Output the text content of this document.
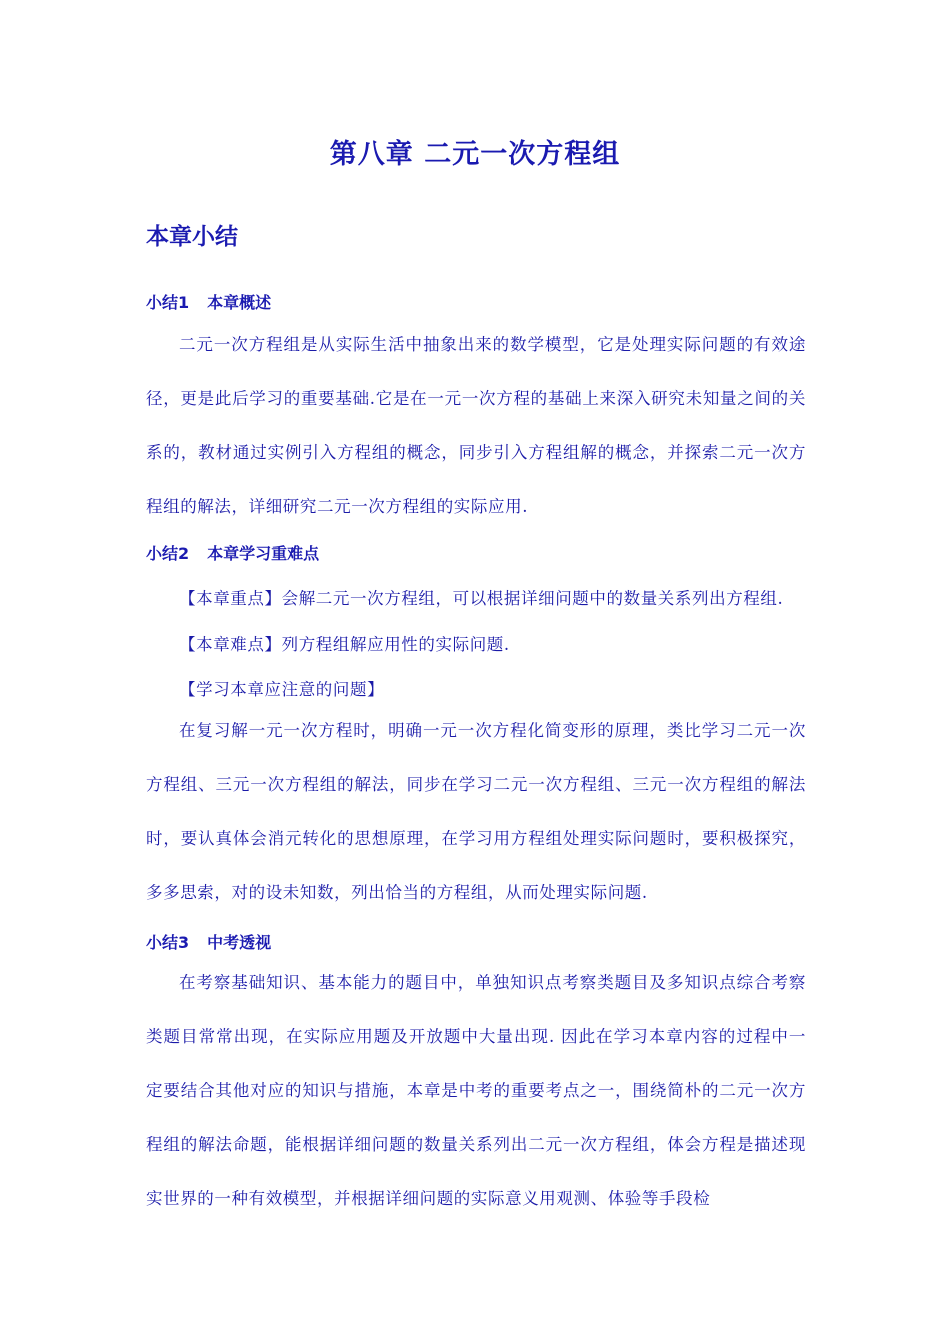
第八章 二元一次方程组
本章小结
小结1 本章概述

二元一次方程组是从实际生活中抽象出来的数学模型，它是处理实际问题的有效途径，更是此后学习的重要基础.它是在一元一次方程的基础上来深入研究未知量之间的关系的，教材通过实例引入方程组的概念，同步引入方程组解的概念，并探索二元一次方程组的解法，详细研究二元一次方程组的实际应用.

小结2 本章学习重难点

【本章重点】会解二元一次方程组，可以根据详细问题中的数量关系列出方程组.

【本章难点】列方程组解应用性的实际问题.

【学习本章应注意的问题】

在复习解一元一次方程时，明确一元一次方程化简变形的原理，类比学习二元一次方程组、三元一次方程组的解法，同步在学习二元一次方程组、三元一次方程组的解法时，要认真体会消元转化的思想原理，在学习用方程组处理实际问题时，要积极探究，多多思索，对的设未知数，列出恰当的方程组，从而处理实际问题.

小结3 中考透视

在考察基础知识、基本能力的题目中，单独知识点考察类题目及多知识点综合考察类题目常常出现，在实际应用题及开放题中大量出现. 因此在学习本章内容的过程中一定要结合其他对应的知识与措施，本章是中考的重要考点之一，围绕简朴的二元一次方程组的解法命题，能根据详细问题的数量关系列出二元一次方程组，体会方程是描述现实世界的一种有效模型，并根据详细问题的实际意义用观测、体验等手段检
